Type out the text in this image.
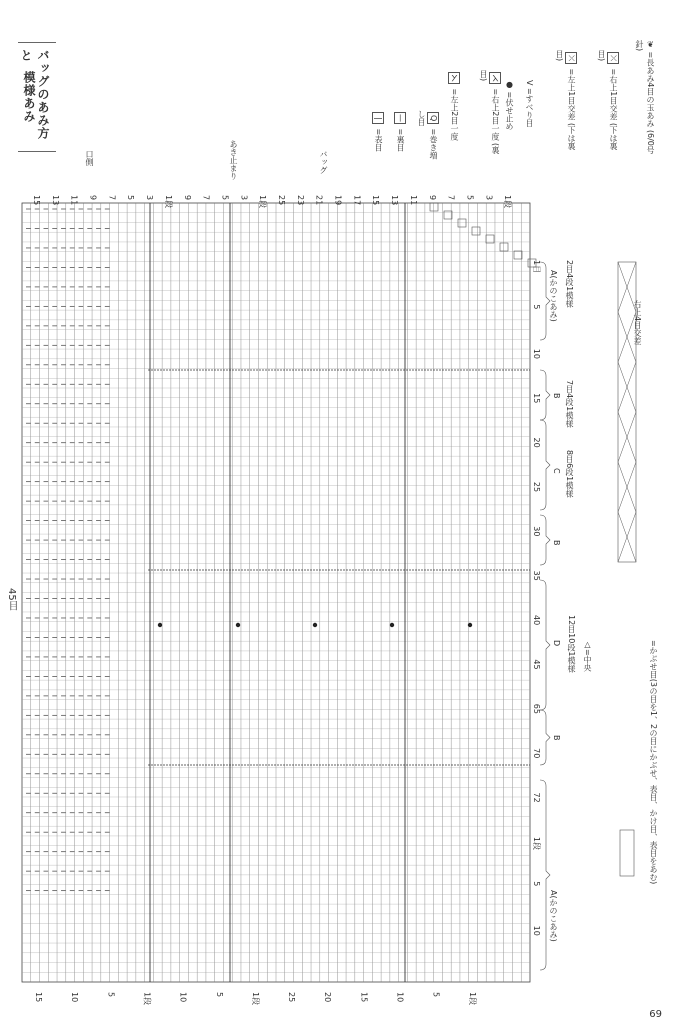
バッグのあみ方と
模様あみ	| =表目
— =裏目
Q =巻き増し目
⋋ =左上2目一度
⋌ =右上2目一度 (裏目)
● =伏せ止め
V =すべり目
⤫ =左上1目交差 (下は裏目)	⤫ =右上1目交差 (下は裏目)
❦ =長あみ4目の玉あみ (6/0号針)
口側	バッグ
あき止まり
15 13 11 9 7 5 3 1段 9 7 5 3 1段 25 23 21 19 17 15 13 11 9 7 5 3 1段
15	10	5	1段	10	5	1段	25	20	15	10	5	1段
1目
5
10
15
20
25
30
35
40
45
65
70
72
1段
5
10
45目
A(かのこあみ) 2目4段1模様
B 7目4段1模様
C 8目6段1模様
B
D 12目10段1模様 △=中央
B
A(かのこあみ)
右上4目交差
=かぶせ目(3の目を1、2の目にかぶせ、表目、かけ目、表目をあむ)
69
